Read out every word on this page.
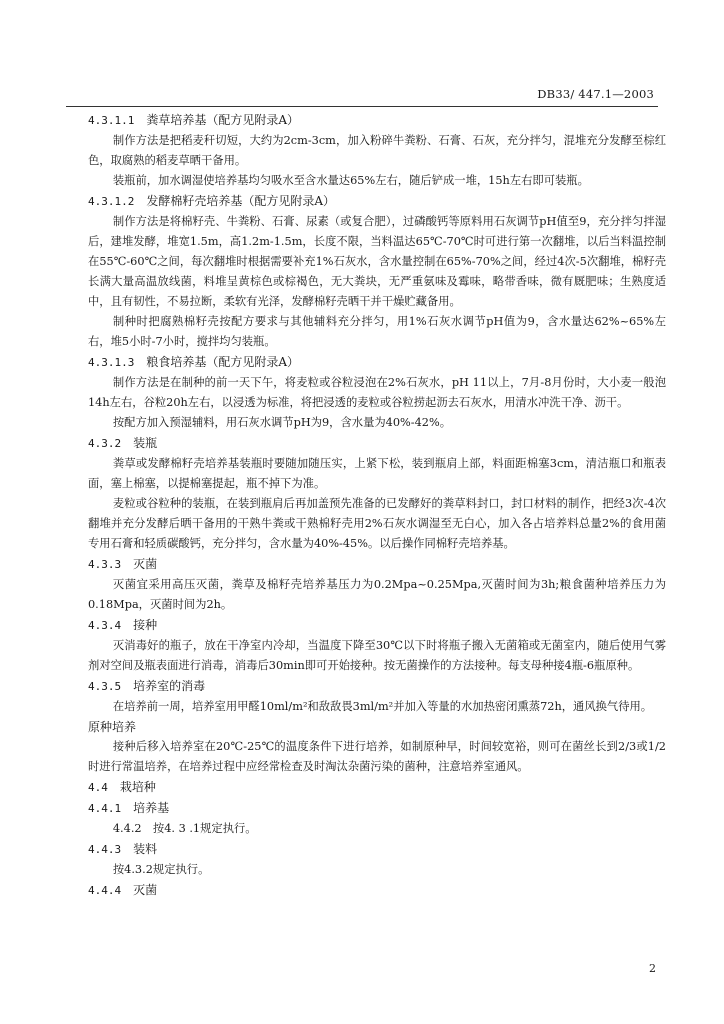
DB33/ 447.1—2003

4.3.1.1 粪草培养基（配方见附录A）

制作方法是把稻麦秆切短，大约为2cm-3cm，加入粉碎牛粪粉、石膏、石灰，充分拌匀，混堆充分发酵至棕红色，取腐熟的稻麦草晒干备用。

装瓶前，加水调湿使培养基均匀吸水至含水量达65%左右，随后铲成一堆，15h左右即可装瓶。

4.3.1.2 发酵棉籽壳培养基（配方见附录A）

制作方法是将棉籽壳、牛粪粉、石膏、尿素（或复合肥），过磷酸钙等原料用石灰调节pH值至9，充分拌匀拌湿后，建堆发酵，堆宽1.5m，高1.2m-1.5m，长度不限，当料温达65℃-70℃时可进行第一次翻堆，以后当料温控制在55℃-60℃之间，每次翻堆时根据需要补充1%石灰水，含水量控制在65%-70%之间，经过4次-5次翻堆，棉籽壳长满大量高温放线菌，料堆呈黄棕色或棕褐色，无大粪块，无严重氨味及霉味，略带香味，微有厩肥味；生熟度适中，且有韧性，不易拉断，柔软有光泽，发酵棉籽壳晒干并干燥贮藏备用。

制种时把腐熟棉籽壳按配方要求与其他辅料充分拌匀，用1%石灰水调节pH值为9，含水量达62%~65%左右，堆5小时-7小时，搅拌均匀装瓶。

4.3.1.3 粮食培养基（配方见附录A）

制作方法是在制种的前一天下午，将麦粒或谷粒浸泡在2%石灰水，pH 11以上，7月-8月份时，大小麦一般泡14h左右，谷粒20h左右，以浸透为标准，将把浸透的麦粒或谷粒捞起沥去石灰水，用清水冲洗干净、沥干。

按配方加入预湿辅料，用石灰水调节pH为9，含水量为40%-42%。

4.3.2 装瓶

粪草或发酵棉籽壳培养基装瓶时要随加随压实，上紧下松，装到瓶肩上部，料面距棉塞3cm，清洁瓶口和瓶表面，塞上棉塞，以提棉塞提起，瓶不掉下为准。

麦粒或谷粒种的装瓶，在装到瓶肩后再加盖预先准备的已发酵好的粪草料封口，封口材料的制作，把经3次-4次翻堆并充分发酵后晒干备用的干熟牛粪或干熟棉籽壳用2%石灰水调湿至无白心，加入各占培养料总量2%的食用菌专用石膏和轻质碳酸钙，充分拌匀，含水量为40%-45%。以后操作同棉籽壳培养基。

4.3.3 灭菌

灭菌宜采用高压灭菌，粪草及棉籽壳培养基压力为0.2Mpa~0.25Mpa,灭菌时间为3h;粮食菌种培养压力为0.18Mpa，灭菌时间为2h。

4.3.4 接种

灭消毒好的瓶子，放在干净室内冷却，当温度下降至30℃以下时将瓶子搬入无菌箱或无菌室内，随后使用气雾剂对空间及瓶表面进行消毒，消毒后30min即可开始接种。按无菌操作的方法接种。每支母种接4瓶-6瓶原种。

4.3.5 培养室的消毒

在培养前一周，培养室用甲醛10ml/m²和敌敌畏3ml/m²并加入等量的水加热密闭熏蒸72h，通风换气待用。

原种培养

接种后移入培养室在20℃-25℃的温度条件下进行培养，如制原种早，时间较宽裕，则可在菌丝长到2/3或1/2时进行常温培养，在培养过程中应经常检查及时淘汰杂菌污染的菌种，注意培养室通风。

4.4 栽培种

4.4.1 培养基

4.4.2　按4. 3 .1规定执行。

4.4.3 装料

按4.3.2规定执行。

4.4.4 灭菌

2
